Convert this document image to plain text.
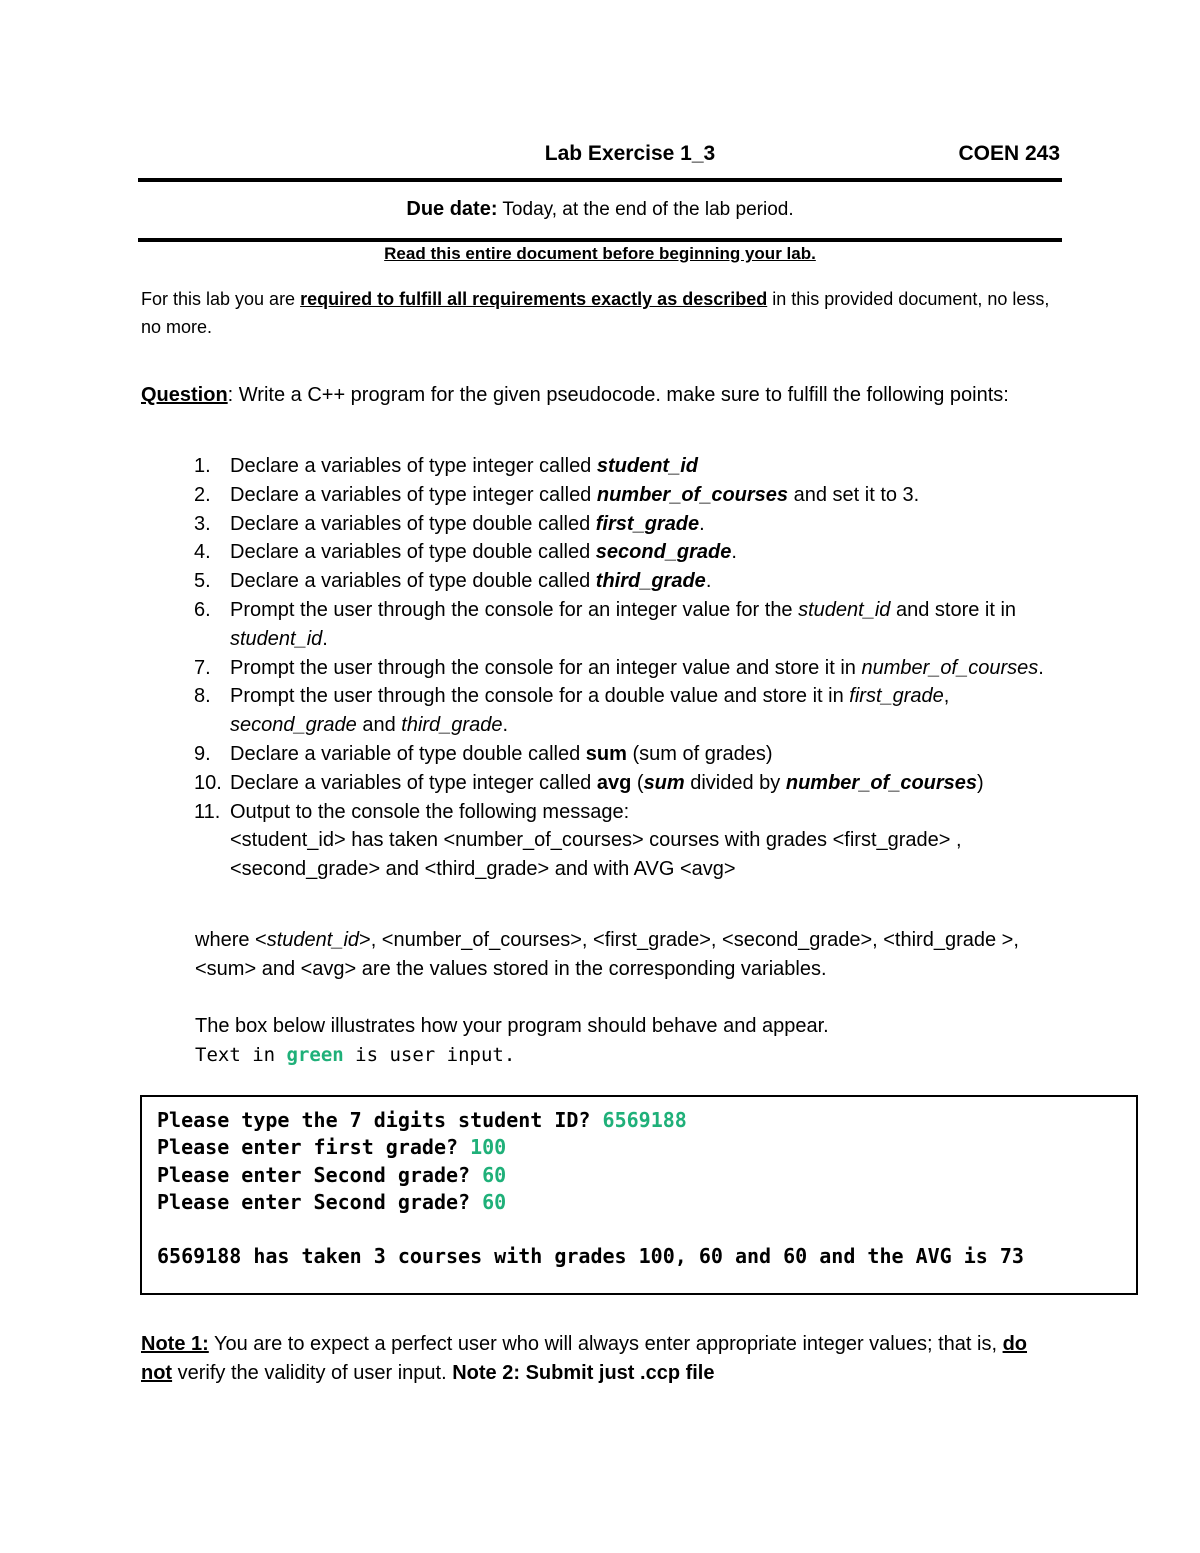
Lab Exercise 1_3	COEN 243
Due date: Today, at the end of the lab period.
Read this entire document before beginning your lab.
For this lab you are required to fulfill all requirements exactly as described in this provided document, no less, no more.
Question: Write a C++ program for the given pseudocode. make sure to fulfill the following points:
1. Declare a variables of type integer called student_id
2. Declare a variables of type integer called number_of_courses and set it to 3.
3. Declare a variables of type double called first_grade.
4. Declare a variables of type double called second_grade.
5. Declare a variables of type double called third_grade.
6. Prompt the user through the console for an integer value for the student_id and store it in student_id.
7. Prompt the user through the console for an integer value and store it in number_of_courses.
8. Prompt the user through the console for a double value and store it in first_grade, second_grade and third_grade.
9. Declare a variable of type double called sum (sum of grades)
10. Declare a variables of type integer called avg (sum divided by number_of_courses)
11. Output to the console the following message:
<student_id> has taken <number_of_courses> courses with grades <first_grade> , <second_grade> and <third_grade> and with AVG <avg>
where <student_id>, <number_of_courses>, <first_grade>, <second_grade>, <third_grade >, <sum> and <avg> are the values stored in the corresponding variables.
The box below illustrates how your program should behave and appear.
Text in green is user input.
Please type the 7 digits student ID? 6569188
Please enter first grade? 100
Please enter Second grade? 60
Please enter Second grade? 60
6569188 has taken 3 courses with grades 100, 60 and 60 and the AVG is 73
Note 1: You are to expect a perfect user who will always enter appropriate integer values; that is, do not verify the validity of user input. Note 2: Submit just .ccp file
